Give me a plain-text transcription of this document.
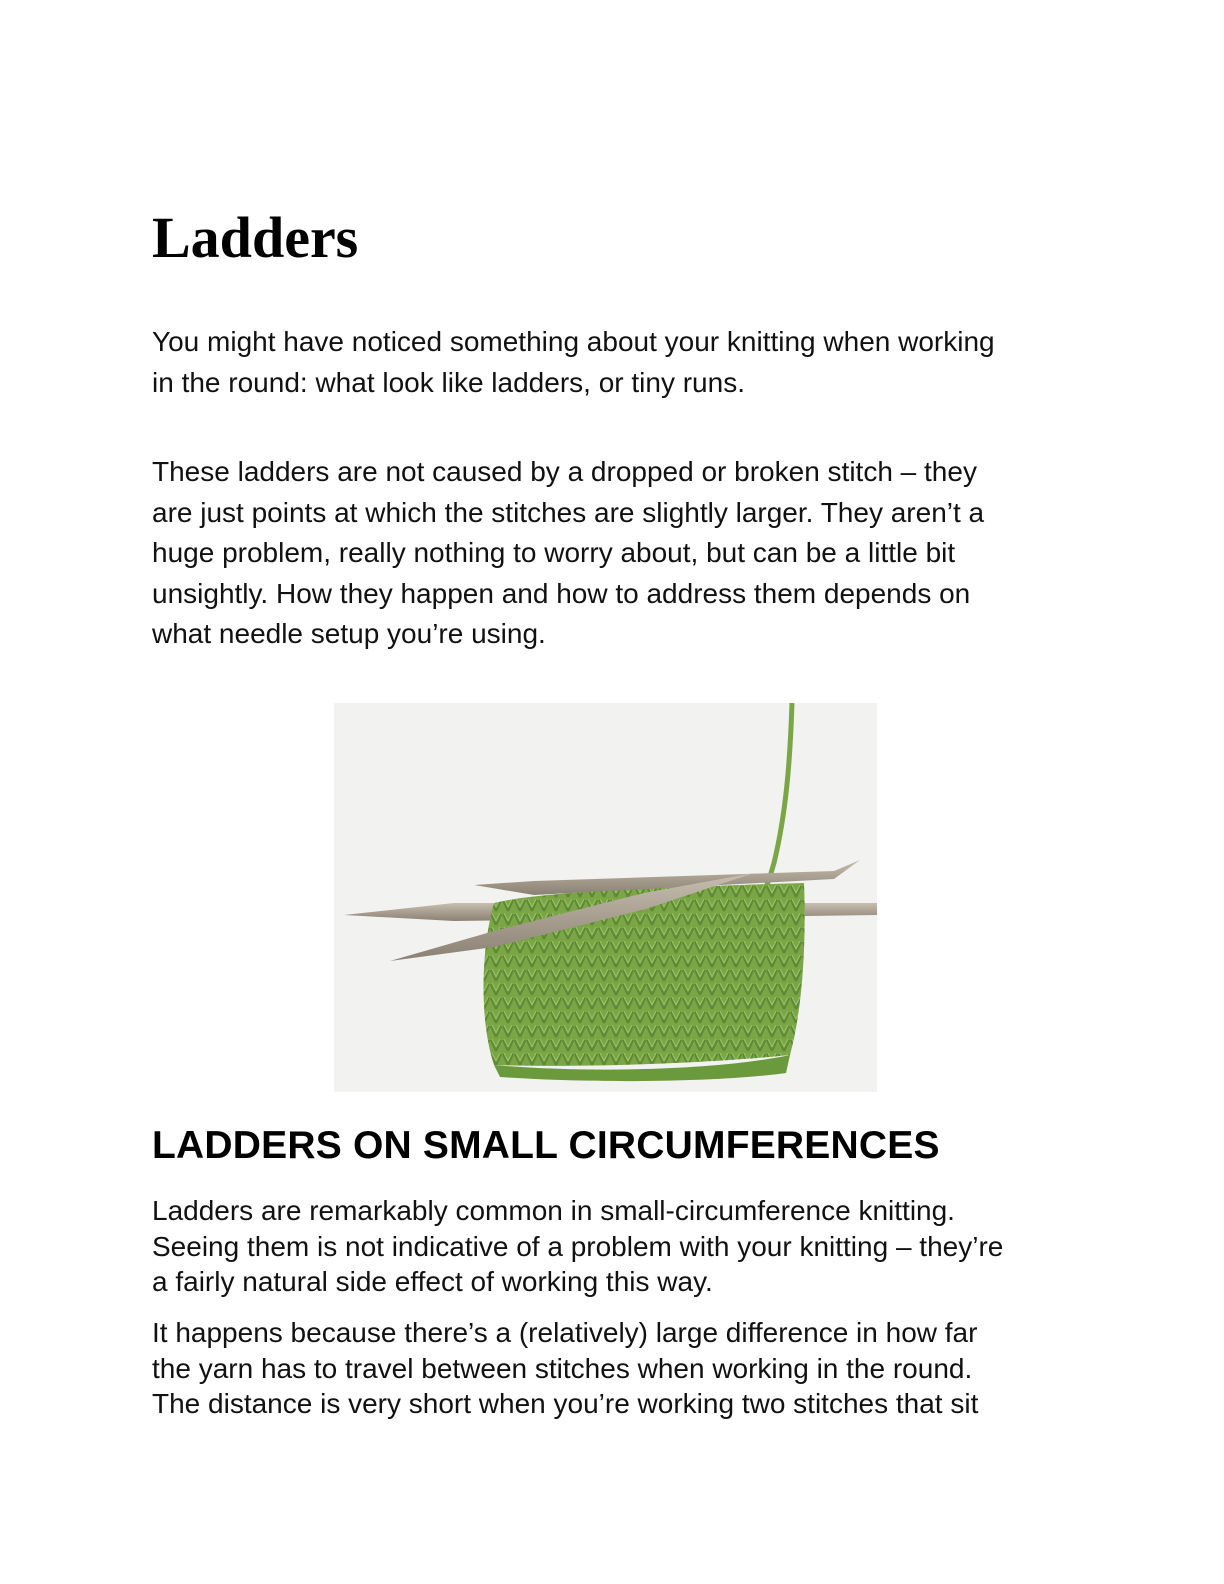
Ladders

You might have noticed something about your knitting when working
in the round: what look like ladders, or tiny runs.

These ladders are not caused by a dropped or broken stitch – they
are just points at which the stitches are slightly larger. They aren’t a
huge problem, really nothing to worry about, but can be a little bit
unsightly. How they happen and how to address them depends on
what needle setup you’re using.

LADDERS ON SMALL CIRCUMFERENCES

Ladders are remarkably common in small-circumference knitting.
Seeing them is not indicative of a problem with your knitting – they’re
a fairly natural side effect of working this way.

It happens because there’s a (relatively) large difference in how far
the yarn has to travel between stitches when working in the round.
The distance is very short when you’re working two stitches that sit
